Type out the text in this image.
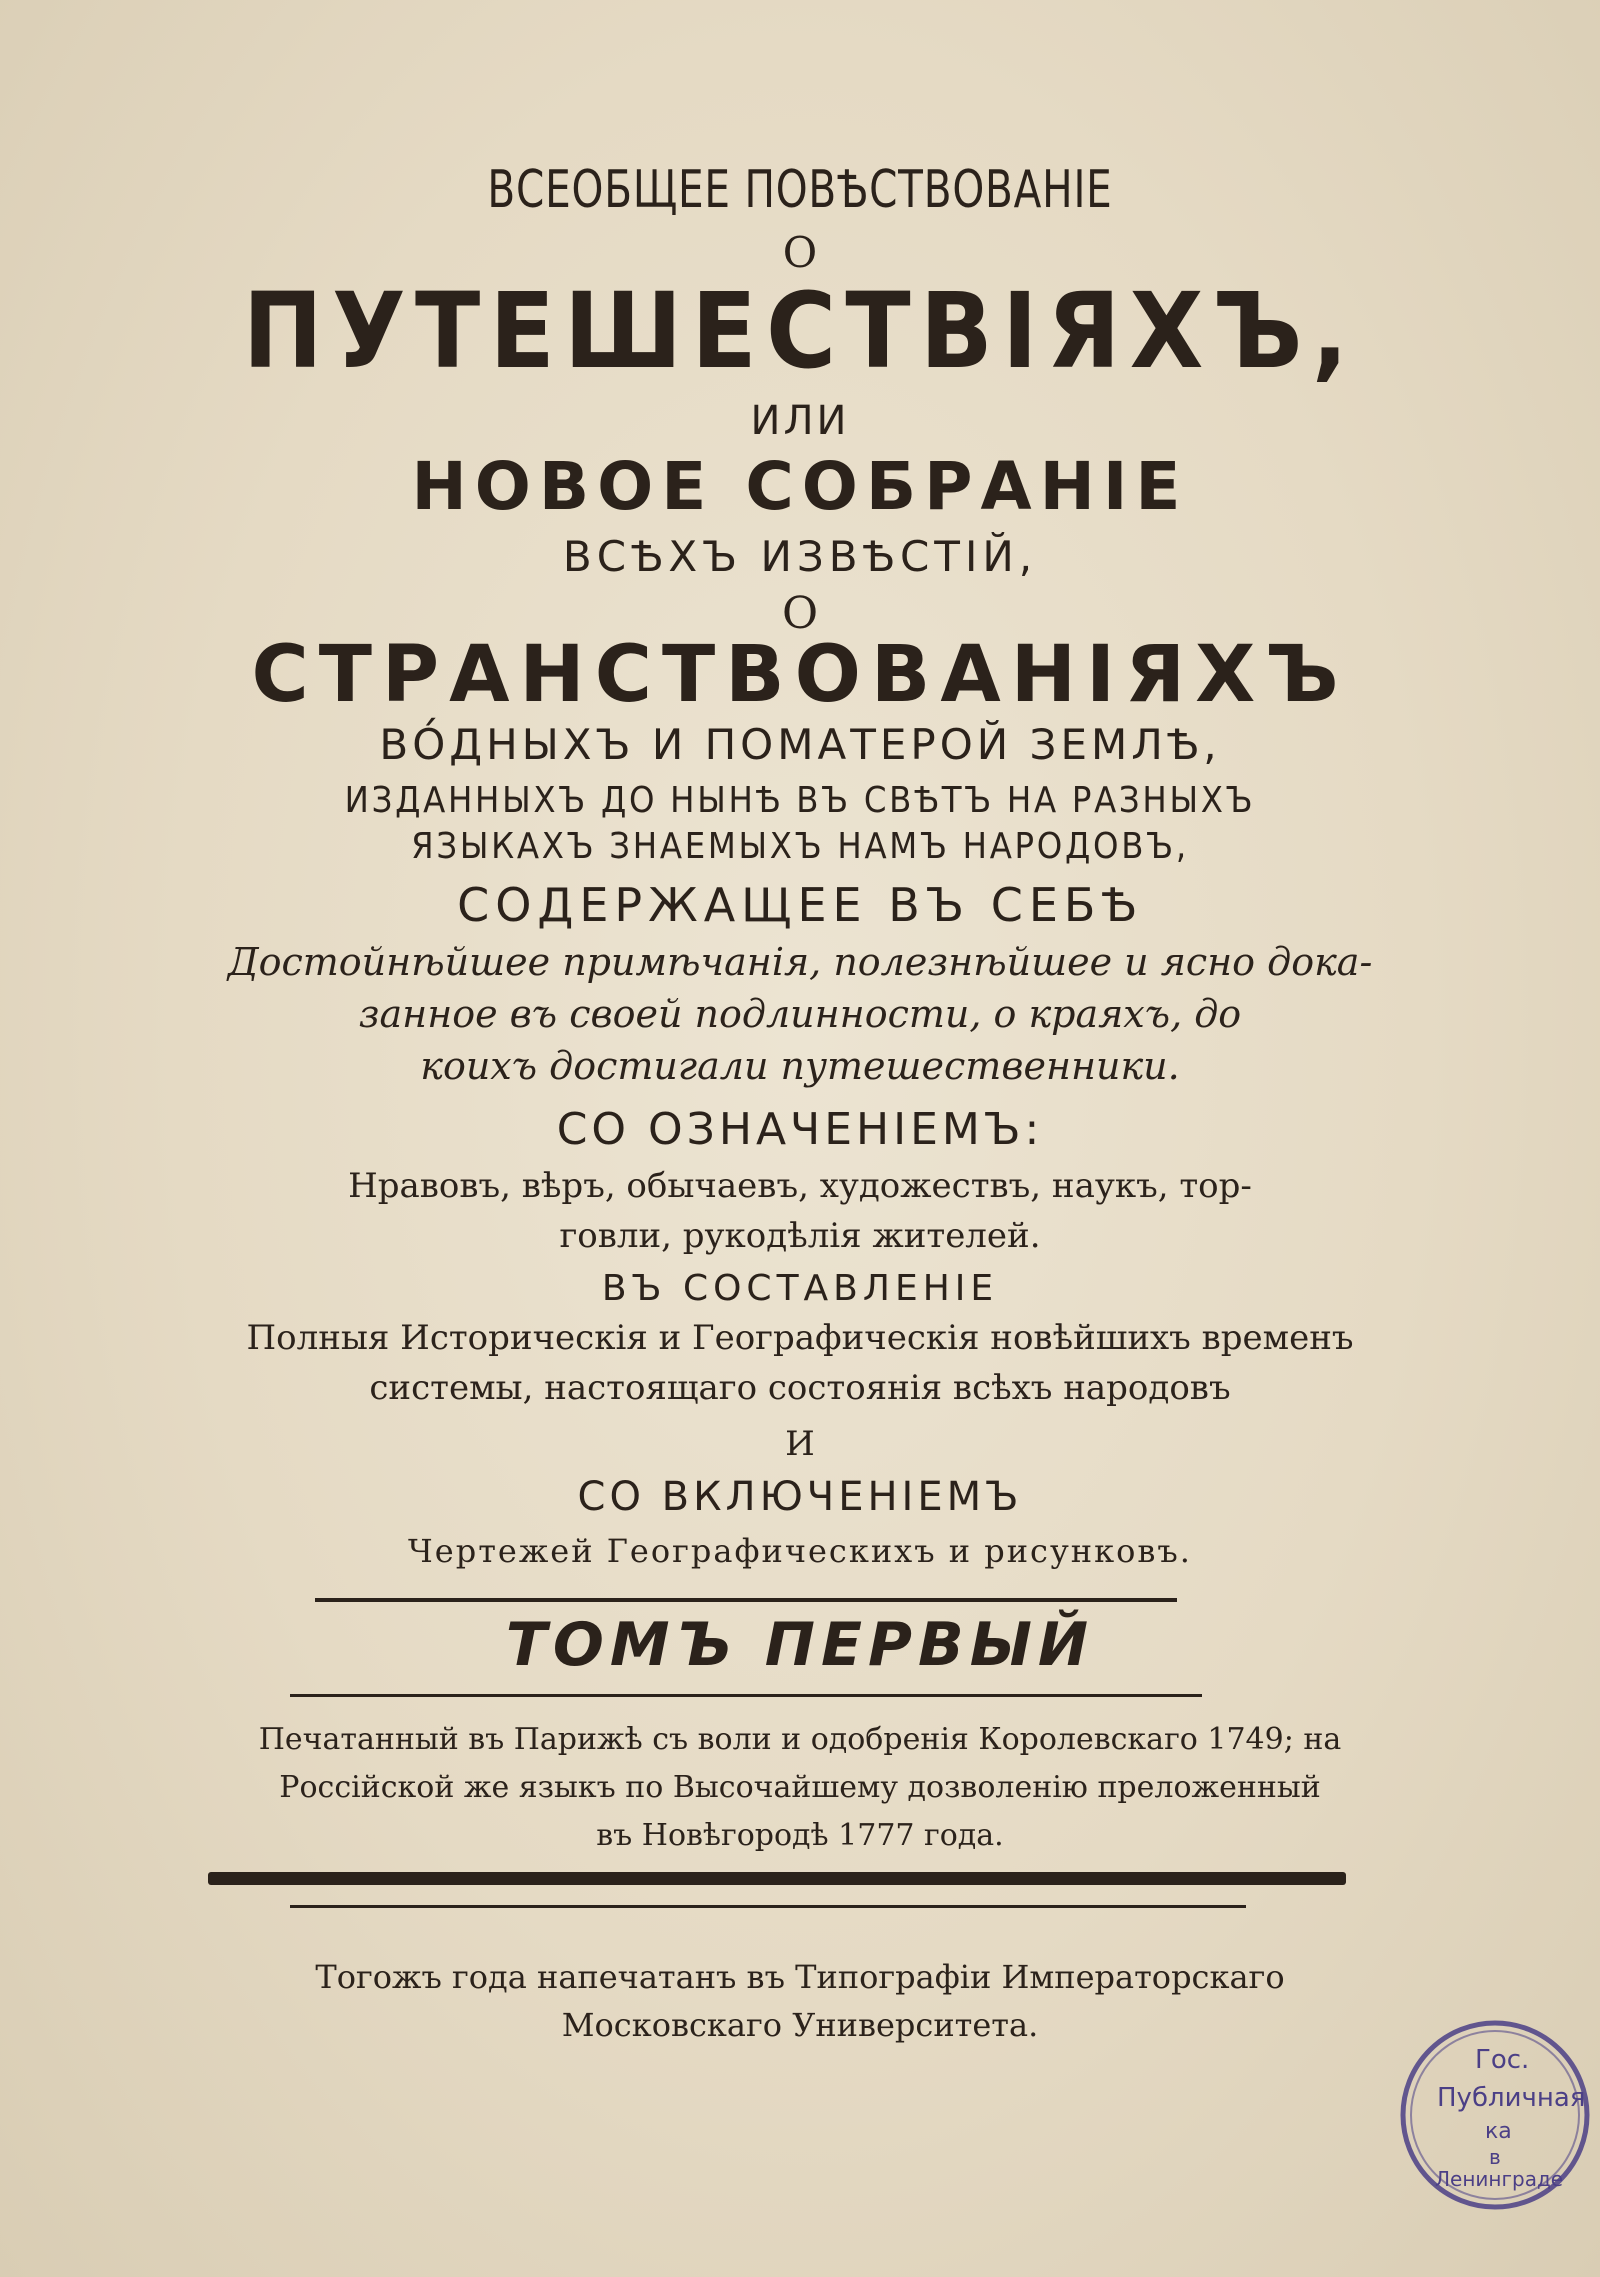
ВСЕОБЩЕЕ ПОВѢСТВОВАНІЕ
О
ПУТЕШЕСТВІЯХЪ,
ИЛИ
НОВОЕ СОБРАНІЕ
ВСѢХЪ ИЗВѢСТІЙ,
О
СТРАНСТВОВАНІЯХЪ
ВО́ДНЫХЪ И ПОМАТЕРОЙ ЗЕМЛѢ,
ИЗДАННЫХЪ ДО НЫНѢ ВЪ СВѢТЪ НА РАЗНЫХЪ
ЯЗЫКАХЪ ЗНАЕМЫХЪ НАМЪ НАРОДОВЪ,
СОДЕРЖАЩЕЕ ВЪ СЕБѢ
Достойнѣйшее примѣчанія, полезнѣйшее и ясно дока-
занное въ своей подлинности, о краяхъ, до
коихъ достигали путешественники.
СО ОЗНАЧЕНІЕМЪ:
Нравовъ, вѣръ, обычаевъ, художествъ, наукъ, тор-
говли, рукодѣлія жителей.
ВЪ СОСТАВЛЕНІЕ
Полныя Историческія и Географическія новѣйшихъ временъ
системы, настоящаго состоянія всѣхъ народовъ
И
СО ВКЛЮЧЕНІЕМЪ
Чертежей Географическихъ и рисунковъ.
ТОМЪ ПЕРВЫЙ
Печатанный въ Парижѣ съ воли и одобренія Королевскаго 1749; на
Россійской же языкъ по Высочайшему дозволенію преложенный
въ Новѣгородѣ 1777 года.
Тогожъ года напечатанъ въ Типографіи Императорскаго
Московскаго Университета.
Гос.
Публичная
ка
в
Ленинграде
